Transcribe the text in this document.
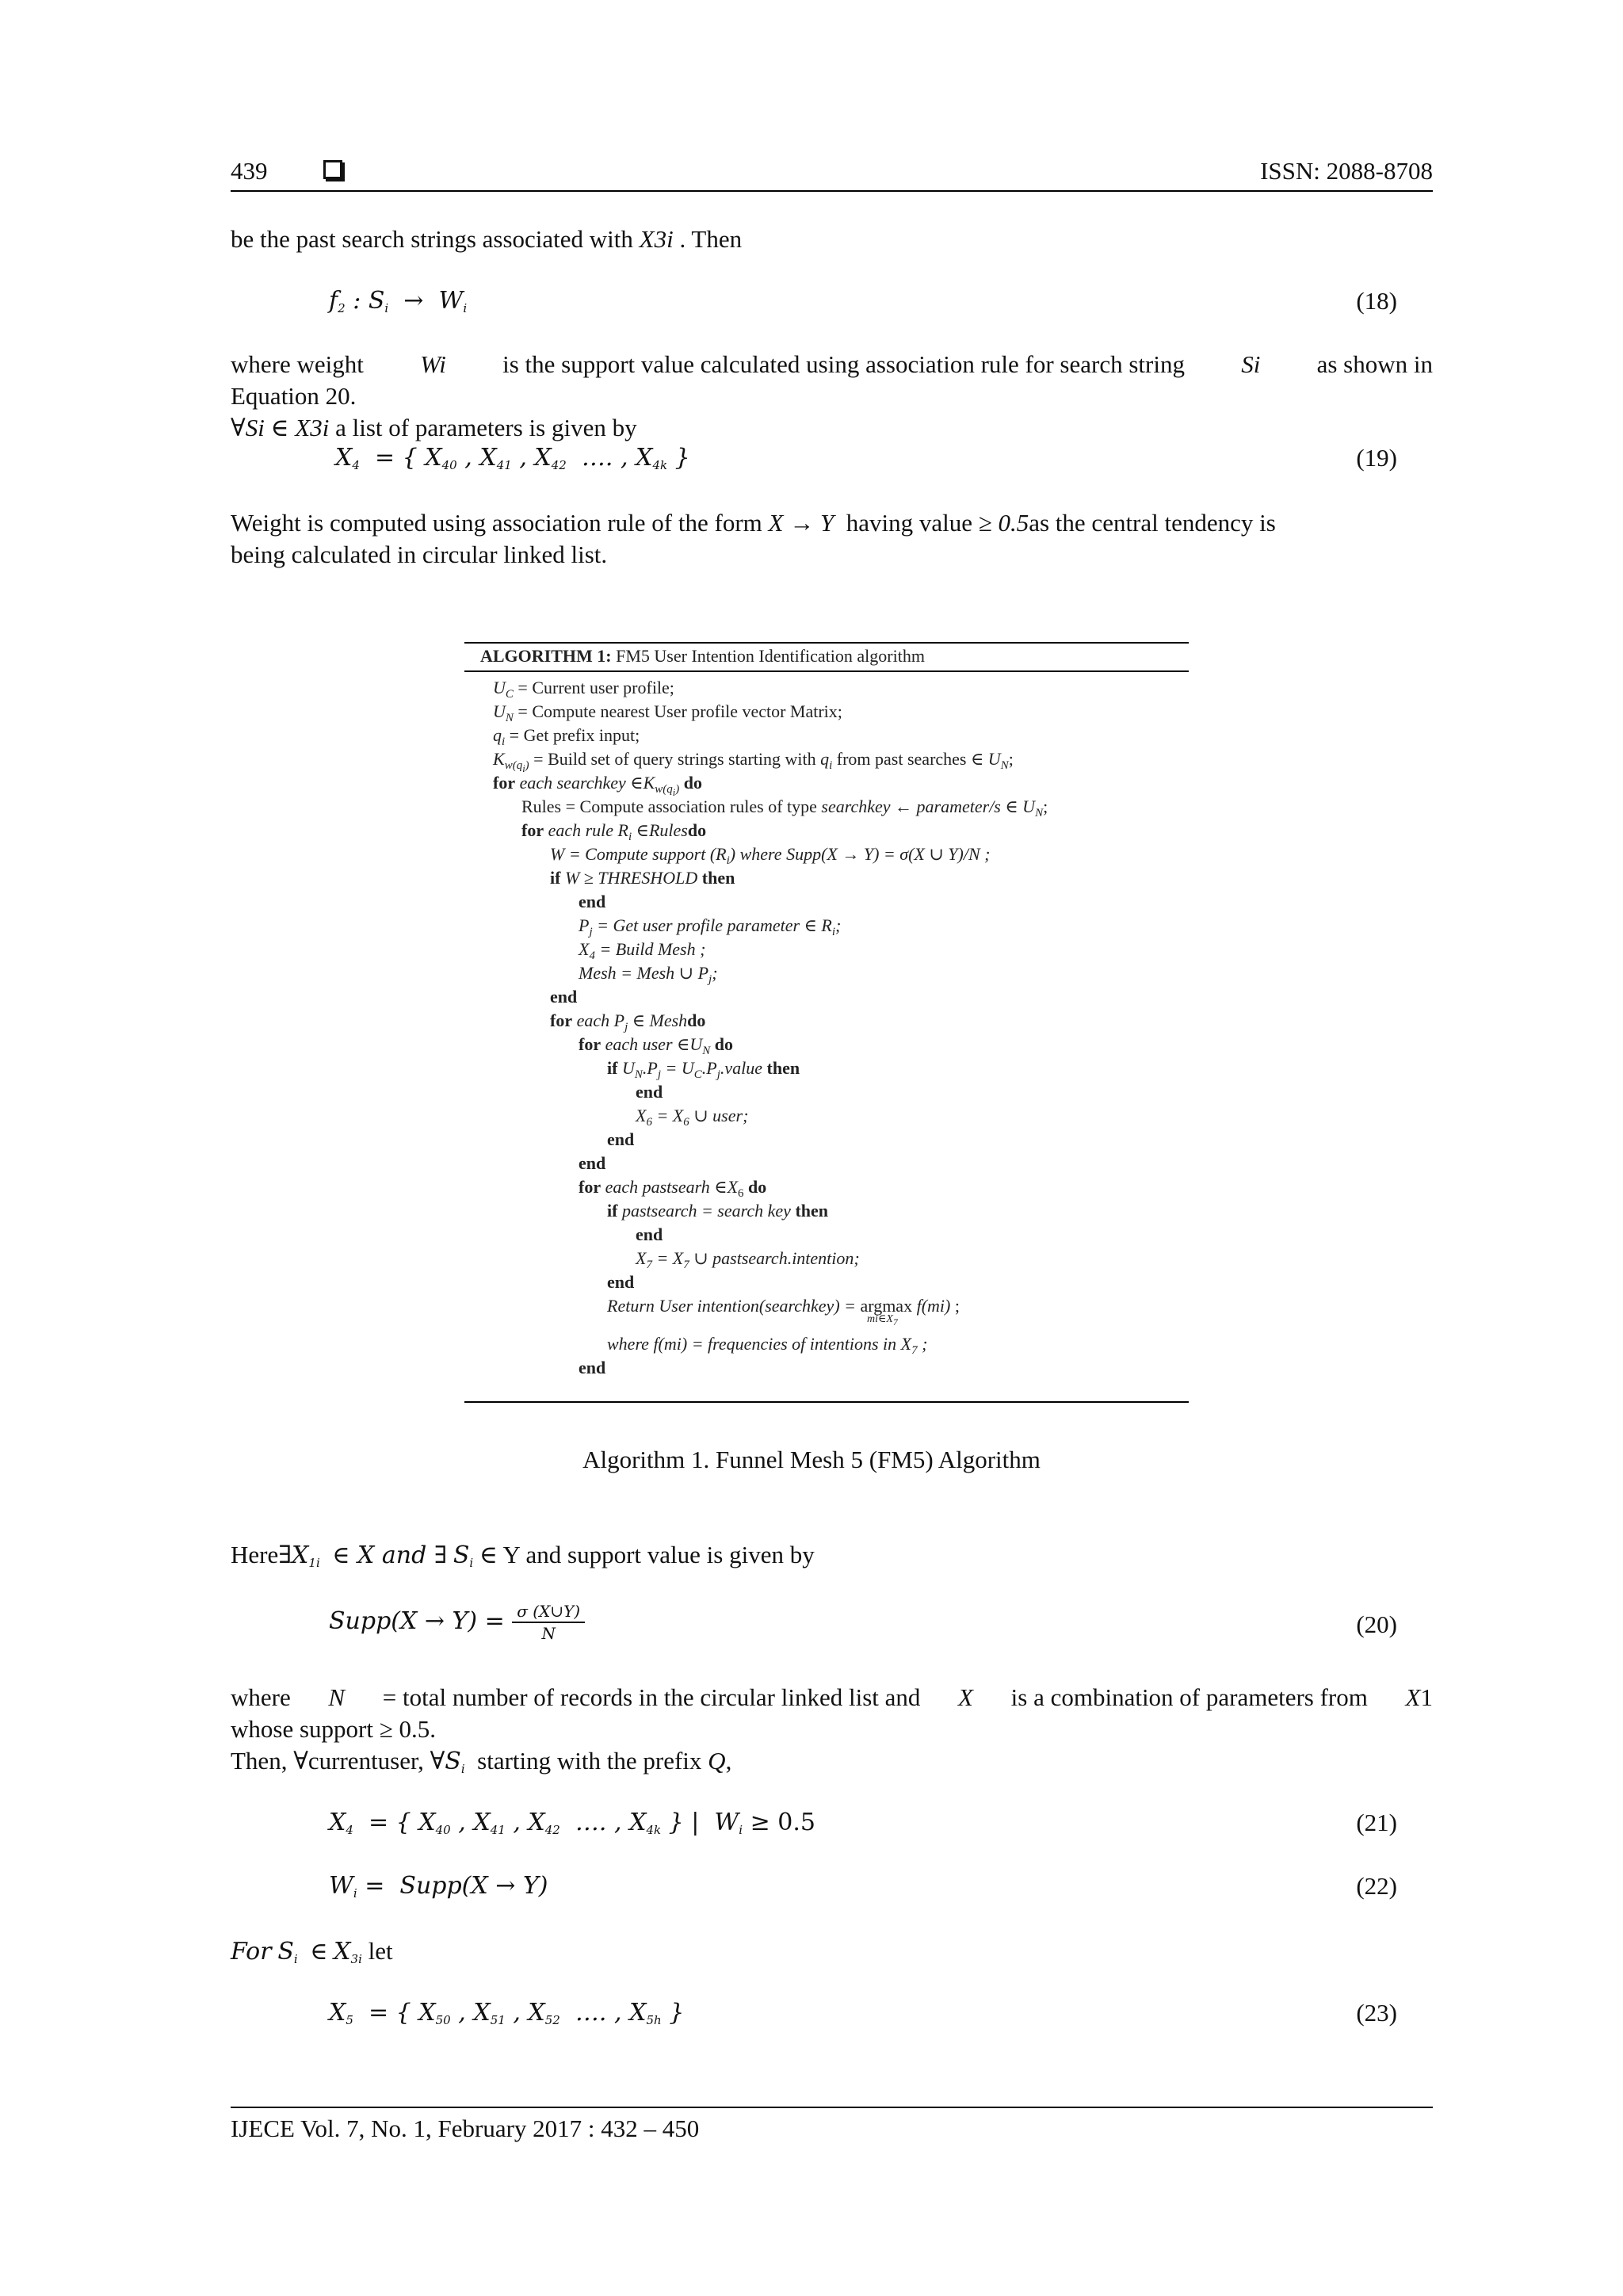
439	ISSN: 2088-8708
be the past search strings associated with X3i . Then
$f_2$ : $S_i \to W_i$	(18)
where weight Wi is the support value calculated using association rule for search string Si as shown in
Equation 20.
∀Si ∈ X3i a list of parameters is given by
$X_4$  = { $X_{40}$ , $X_{41}$ , $X_{42}$  …. , $X_{4k}$ }	(19)
Weight is computed using association rule of the form X → Y having value ≥ 0.5as the central tendency is
being calculated in circular linked list.
ALGORITHM 1: FM5 User Intention Identification algorithm
$U_C$ = Current user profile;
$U_N$ = Compute nearest User profile vector Matrix;
$q_i$ = Get prefix input;
$K_{w(q_i)}$ = Build set of query strings starting with $q_i$ from past searches ∈ $U_N$;
for each searchkey $\in K_{w(q_i)}$ do
Rules = Compute association rules of type searchkey ← parameter/s ∈ $U_N$;
for each rule $R_i$ ∈Rulesdo
W = Compute support $(R_i)$ where Supp(X → Y) = σ(X ∪ Y)/N ;
if W ≥ THRESHOLD then
end
$P_j$ = Get user profile parameter ∈ $R_i$;
$X_4$ = Build Mesh ;
Mesh = Mesh ∪ $P_j$;
end
for each $P_j$ ∈ Meshdo
for each user $\in U_N$ do
if $U_N.P_j$ = $U_C.P_j.value$ then
end
$X_6 = X_6$ ∪ user;
end
end
for each pastsearh $\in X_6$ do
if pastsearch = search key then
end
$X_7 = X_7$ ∪ pastsearch.intention;
end
Return User intention(searchkey) = argmax f(mi) ;
$mi\in X_7$
where f(mi) = frequencies of intentions in $X_7$ ;
end
Algorithm 1. Funnel Mesh 5 (FM5) Algorithm
$Here\exists X_{1i}$ ∈ X and ∃ $S_i$ ∈ Y and support value is given by
Supp(X → $Y) = \frac{\sigma (X\cup Y)}{N}$	(20)
where N = total number of records in the circular linked list and X is a combination of parameters from X1
whose support ≥ 0.5.
Then, ∀currentuser, $\forall S_i$ starting with the prefix Q,
$X_4$  = { $X_{40}$ , $X_{41}$ , $X_{42}$  …. , $X_{4k}$ } |  $W_i \ge 0.5$	(21)
$W_i$ =  Supp(X → Y)	(22)
For $S_i$ ∈ $X_{3i}$ let
$X_5$  = { $X_{50}$ , $X_{51}$ , $X_{52}$  …. , $X_{5h}$ }	(23)
IJECE Vol. 7, No. 1, February 2017 : 432 – 450
